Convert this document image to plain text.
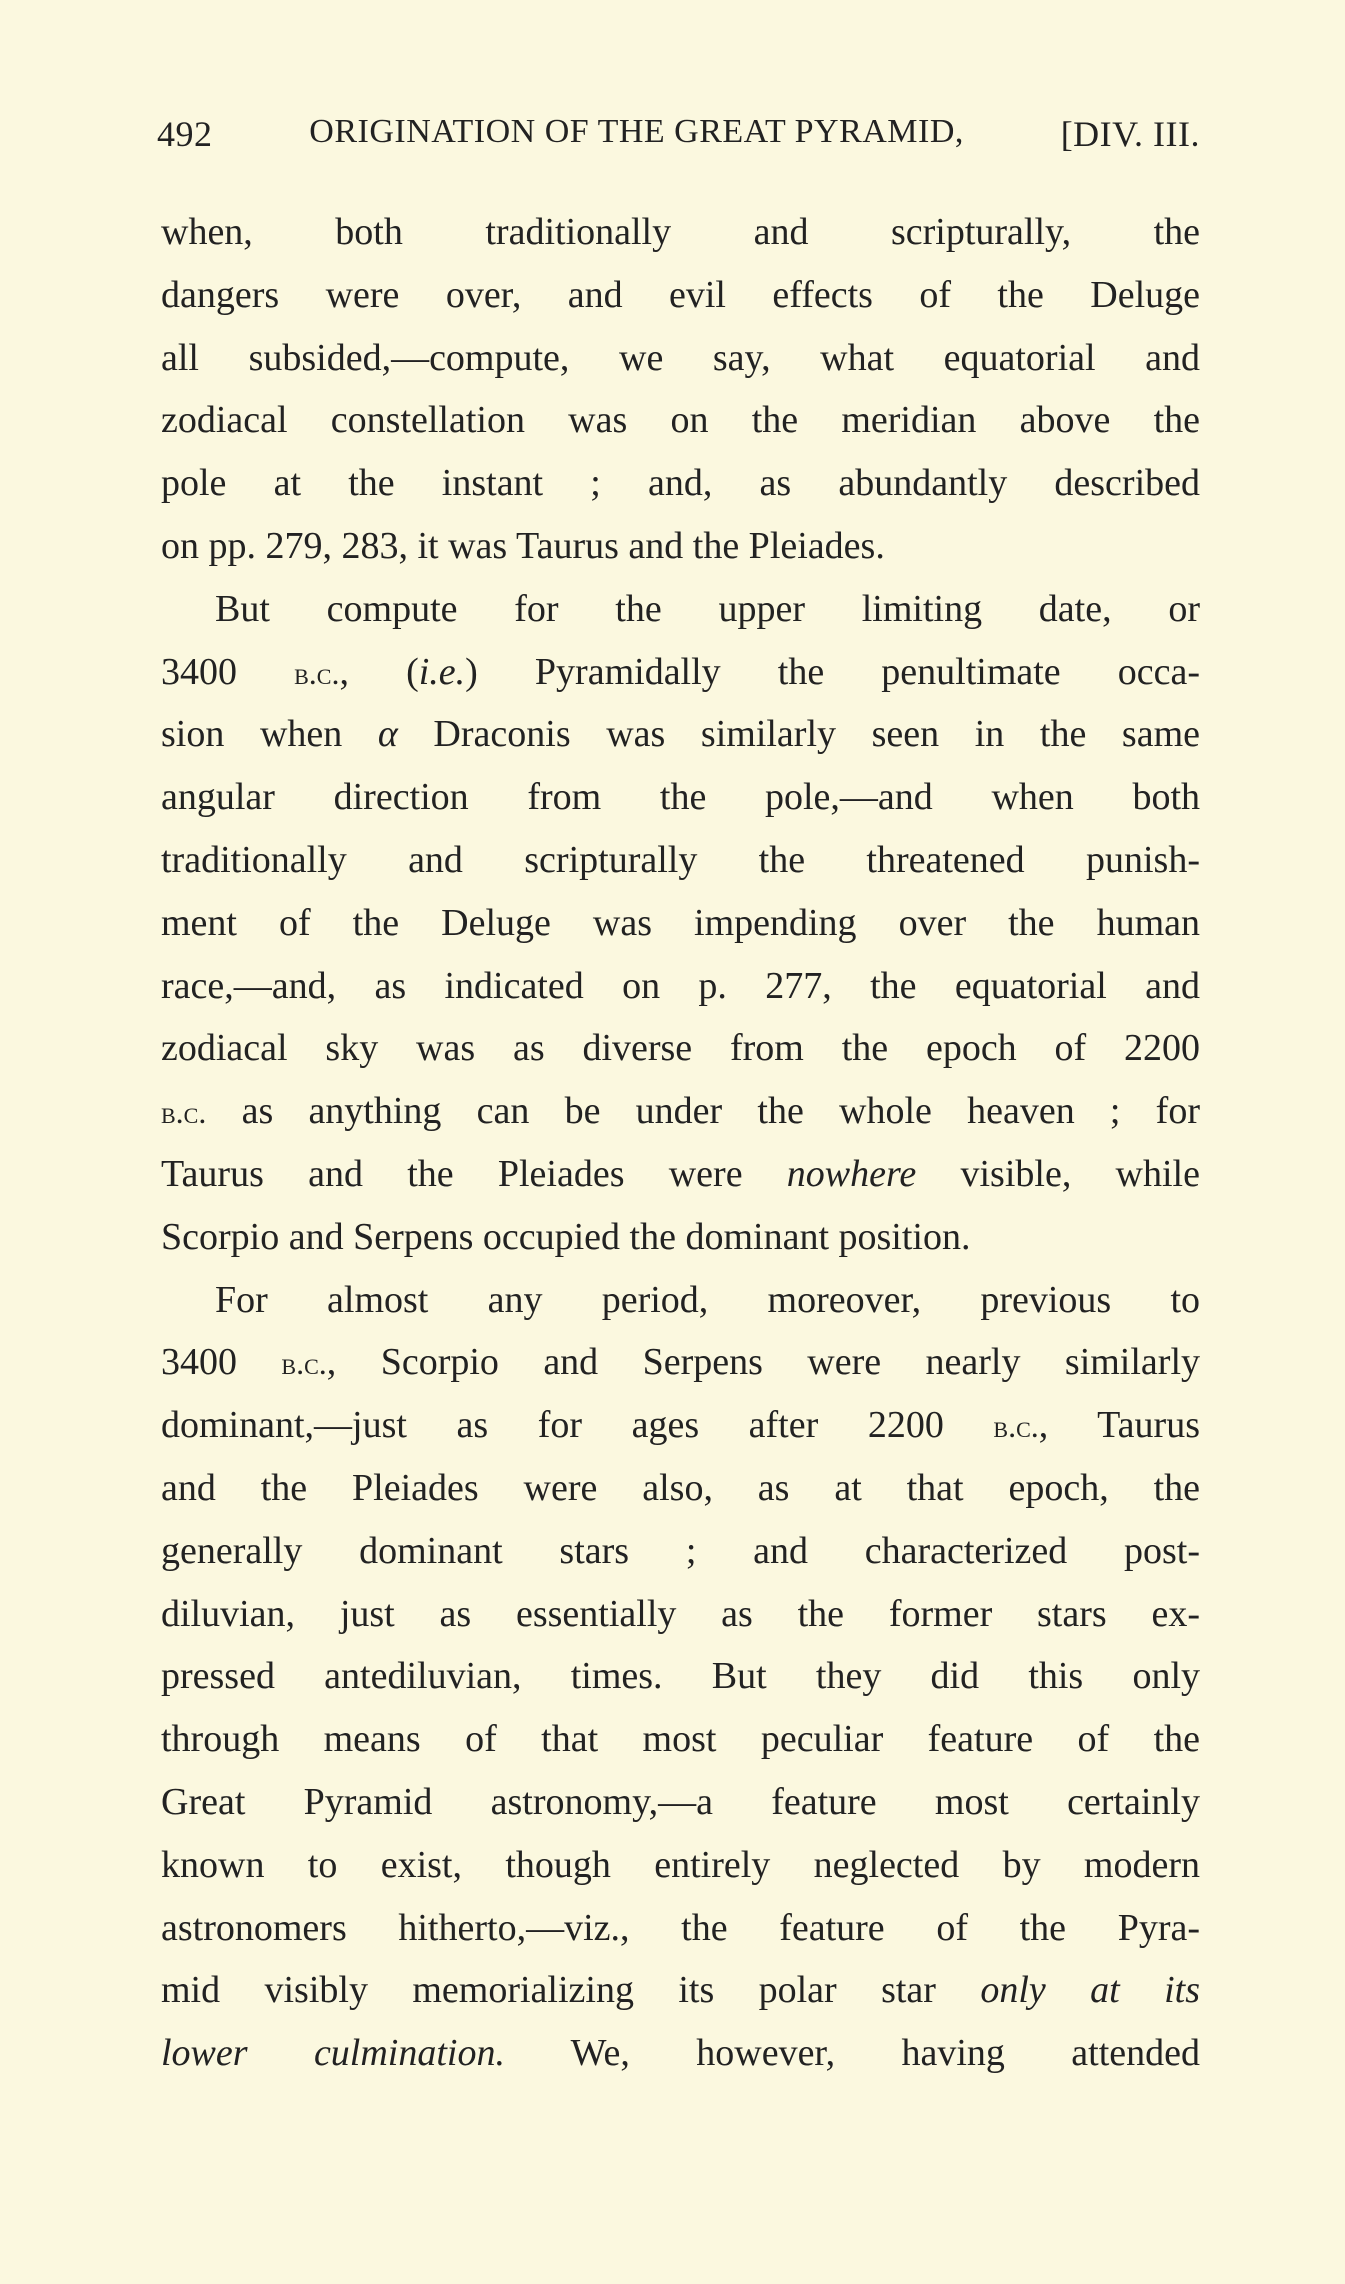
492	ORIGINATION OF THE GREAT PYRAMID,	[DIV. III.
when, both traditionally and scripturally, the
dangers were over, and evil effects of the Deluge
all subsided,—compute, we say, what equatorial and
zodiacal constellation was on the meridian above the
pole at the instant ; and, as abundantly described
on pp. 279, 283, it was Taurus and the Pleiades.
But compute for the upper limiting date, or
3400 b.c., (i.e.) Pyramidally the penultimate occa-
sion when α Draconis was similarly seen in the same
angular direction from the pole,—and when both
traditionally and scripturally the threatened punish-
ment of the Deluge was impending over the human
race,—and, as indicated on p. 277, the equatorial and
zodiacal sky was as diverse from the epoch of 2200
b.c. as anything can be under the whole heaven ; for
Taurus and the Pleiades were nowhere visible, while
Scorpio and Serpens occupied the dominant position.
For almost any period, moreover, previous to
3400 b.c., Scorpio and Serpens were nearly similarly
dominant,—just as for ages after 2200 b.c., Taurus
and the Pleiades were also, as at that epoch, the
generally dominant stars ; and characterized post-
diluvian, just as essentially as the former stars ex-
pressed antediluvian, times. But they did this only
through means of that most peculiar feature of the
Great Pyramid astronomy,—a feature most certainly
known to exist, though entirely neglected by modern
astronomers hitherto,—viz., the feature of the Pyra-
mid visibly memorializing its polar star only at its
lower culmination. We, however, having attended
